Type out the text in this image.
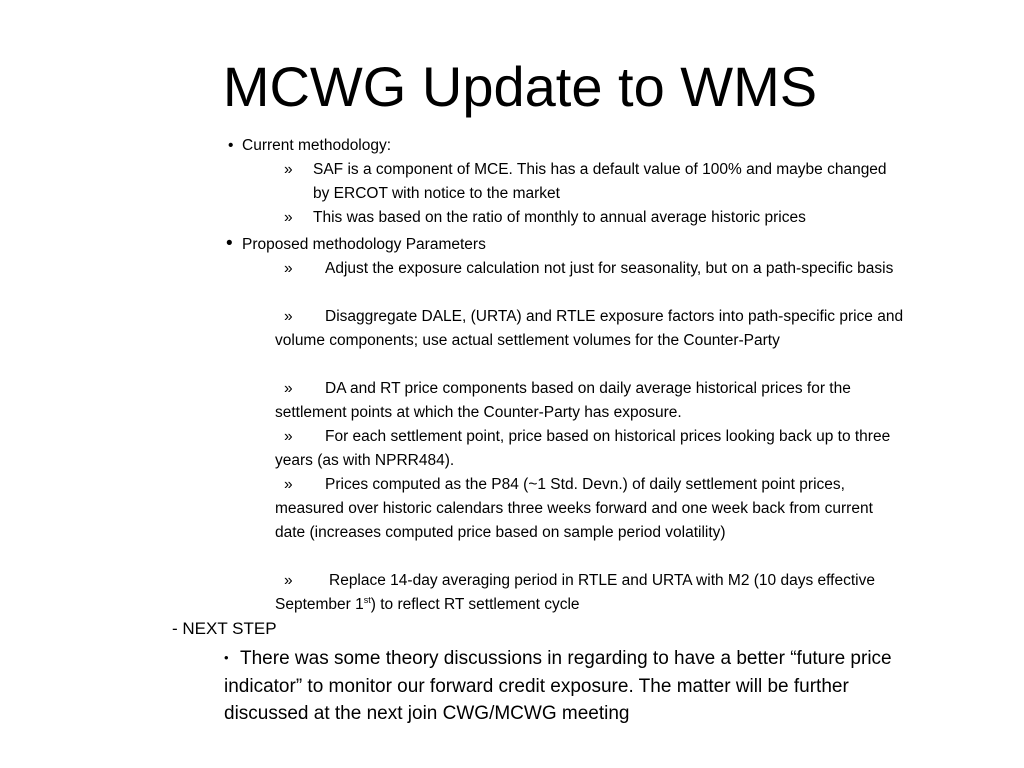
MCWG Update to WMS
• Current methodology:
»	SAF is a component of MCE. This has a default value of 100% and maybe changed by ERCOT with notice to the market
»	This was based on the ratio of monthly to annual average historic prices
• Proposed methodology Parameters
»	Adjust the exposure calculation not just for seasonality, but on a path-specific basis
»	Disaggregate DALE, (URTA) and RTLE exposure factors into path-specific price and volume components; use actual settlement volumes for the Counter-Party
»	DA and RT price components based on daily average historical prices for the settlement points at which the Counter-Party has exposure.
»	For each settlement point, price based on historical prices looking back up to three years (as with NPRR484).
»	Prices computed as the P84 (~1 Std. Devn.) of daily settlement point prices, measured over historic calendars three weeks forward and one week back from current date (increases computed price based on sample period volatility)
»	Replace 14-day averaging period in RTLE and URTA with M2 (10 days effective September 1st) to reflect RT settlement cycle
- NEXT STEP
• There was some theory discussions in regarding to have a better “future price indicator” to monitor our forward credit exposure. The matter will be further discussed at the next join CWG/MCWG meeting
